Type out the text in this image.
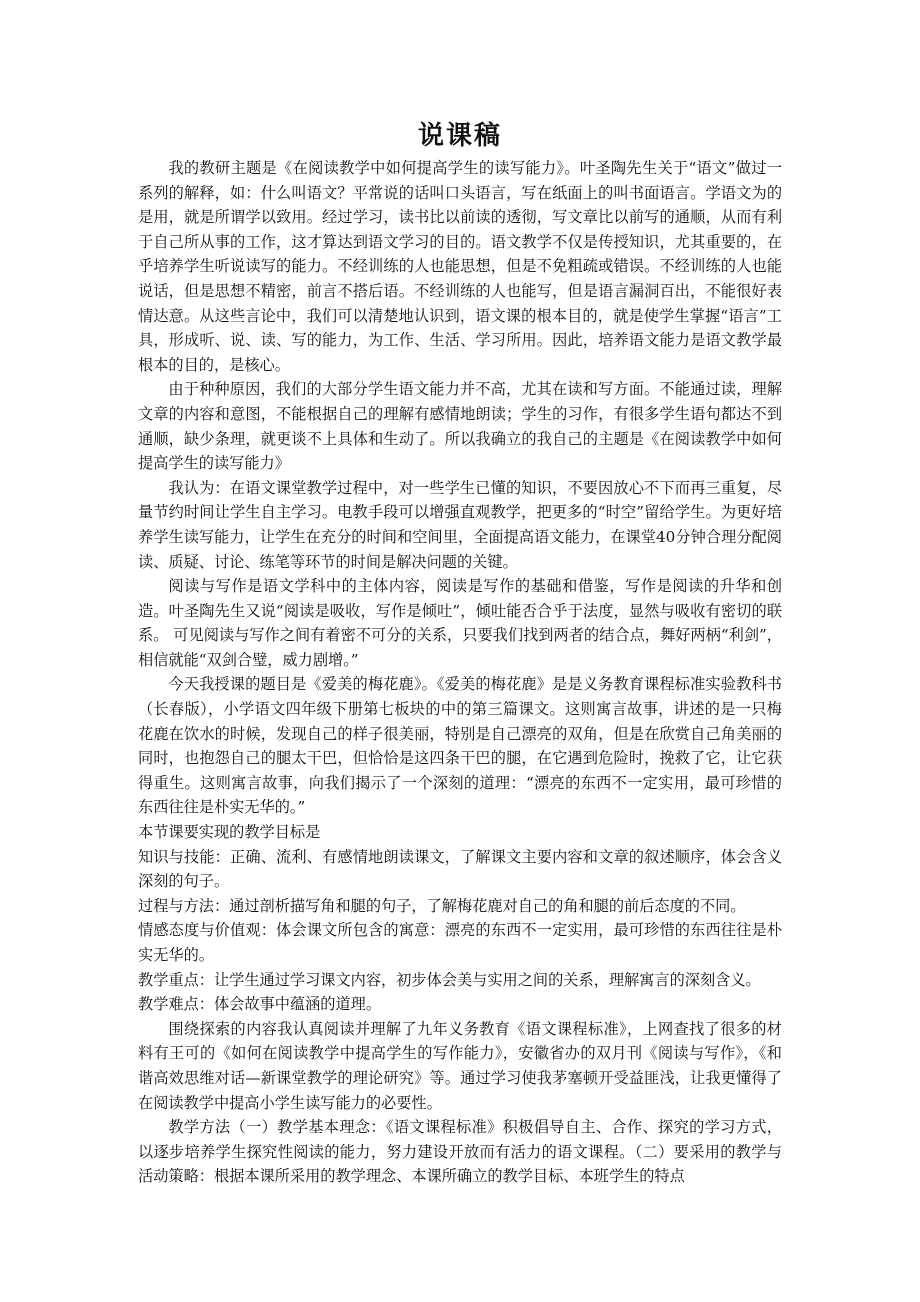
说课稿

我的教研主题是《在阅读教学中如何提高学生的读写能力》。叶圣陶先生关于“语文”做过一系列的解释，如：什么叫语文？平常说的话叫口头语言，写在纸面上的叫书面语言。学语文为的是用，就是所谓学以致用。经过学习，读书比以前读的透彻，写文章比以前写的通顺，从而有利于自己所从事的工作，这才算达到语文学习的目的。语文教学不仅是传授知识，尤其重要的，在乎培养学生听说读写的能力。不经训练的人也能思想，但是不免粗疏或错误。不经训练的人也能说话，但是思想不精密，前言不搭后语。不经训练的人也能写，但是语言漏洞百出，不能很好表情达意。从这些言论中，我们可以清楚地认识到，语文课的根本目的，就是使学生掌握“语言”工具，形成听、说、读、写的能力，为工作、生活、学习所用。因此，培养语文能力是语文教学最根本的目的，是核心。

由于种种原因，我们的大部分学生语文能力并不高，尤其在读和写方面。不能通过读，理解文章的内容和意图，不能根据自己的理解有感情地朗读；学生的习作，有很多学生语句都达不到通顺，缺少条理，就更谈不上具体和生动了。所以我确立的我自己的主题是《在阅读教学中如何提高学生的读写能力》

我认为：在语文课堂教学过程中，对一些学生已懂的知识，不要因放心不下而再三重复，尽量节约时间让学生自主学习。电教手段可以增强直观教学，把更多的“时空”留给学生。为更好培养学生读写能力，让学生在充分的时间和空间里，全面提高语文能力，在课堂40分钟合理分配阅读、质疑、讨论、练笔等环节的时间是解决问题的关键。

阅读与写作是语文学科中的主体内容，阅读是写作的基础和借鉴，写作是阅读的升华和创造。叶圣陶先生又说“阅读是吸收，写作是倾吐”，倾吐能否合乎于法度，显然与吸收有密切的联系。 可见阅读与写作之间有着密不可分的关系，只要我们找到两者的结合点，舞好两柄“利剑”，相信就能“双剑合璧，威力剧增。”

今天我授课的题目是《爱美的梅花鹿》。《爱美的梅花鹿》是是义务教育课程标准实验教科书（长春版），小学语文四年级下册第七板块的中的第三篇课文。这则寓言故事，讲述的是一只梅花鹿在饮水的时候，发现自己的样子很美丽，特别是自己漂亮的双角，但是在欣赏自己角美丽的同时，也抱怨自己的腿太干巴，但恰恰是这四条干巴的腿，在它遇到危险时，挽救了它，让它获得重生。这则寓言故事，向我们揭示了一个深刻的道理：“漂亮的东西不一定实用，最可珍惜的东西往往是朴实无华的。”

本节课要实现的教学目标是

知识与技能：正确、流利、有感情地朗读课文，了解课文主要内容和文章的叙述顺序，体会含义深刻的句子。

过程与方法：通过剖析描写角和腿的句子，了解梅花鹿对自己的角和腿的前后态度的不同。

情感态度与价值观：体会课文所包含的寓意：漂亮的东西不一定实用，最可珍惜的东西往往是朴实无华的。

教学重点：让学生通过学习课文内容，初步体会美与实用之间的关系，理解寓言的深刻含义。

教学难点：体会故事中蕴涵的道理。

围绕探索的内容我认真阅读并理解了九年义务教育《语文课程标准》，上网查找了很多的材料有王可的《如何在阅读教学中提高学生的写作能力》，安徽省办的双月刊《阅读与写作》，《和谐高效思维对话—新课堂教学的理论研究》等。通过学习使我茅塞顿开受益匪浅，让我更懂得了在阅读教学中提高小学生读写能力的必要性。

教学方法（一）教学基本理念：《语文课程标准》积极倡导自主、合作、探究的学习方式，以逐步培养学生探究性阅读的能力，努力建设开放而有活力的语文课程。（二）要采用的教学与活动策略：根据本课所采用的教学理念、本课所确立的教学目标、本班学生的特点
